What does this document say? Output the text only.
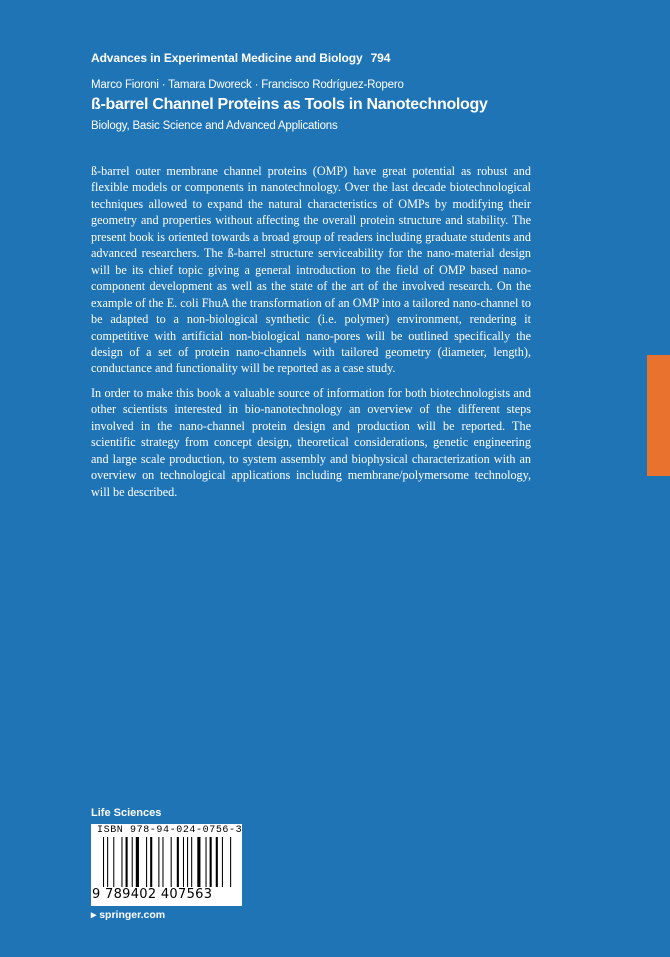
Advances in Experimental Medicine and Biology 794
Marco Fioroni · Tamara Dworeck · Francisco Rodríguez-Ropero
ß-barrel Channel Proteins as Tools in Nanotechnology
Biology, Basic Science and Advanced Applications

ß-barrel outer membrane channel proteins (OMP) have great potential as robust and flexible models or components in nanotechnology. Over the last decade biotechnological techniques allowed to expand the natural characteristics of OMPs by modifying their geometry and properties without affecting the overall protein structure and stability. The present book is oriented towards a broad group of readers including graduate students and advanced researchers. The ß-barrel structure serviceability for the nano-material design will be its chief topic giving a general introduction to the field of OMP based nano-component development as well as the state of the art of the involved research. On the example of the E. coli FhuA the transformation of an OMP into a tailored nano-channel to be adapted to a non-biological synthetic (i.e. polymer) environment, rendering it competitive with artificial non-biological nano-pores will be outlined specifically the design of a set of protein nano-channels with tailored geometry (diameter, length), conductance and functionality will be reported as a case study.

In order to make this book a valuable source of information for both biotechnologists and other scientists interested in bio-nanotechnology an overview of the different steps involved in the nano-channel protein design and production will be reported. The scientific strategy from concept design, theoretical considerations, genetic engineering and large scale production, to system assembly and biophysical characterization with an overview on technological applications including membrane/polymersome technology, will be described.

Life Sciences
ISBN 978-94-024-0756-3
9 789402 407563
▸ springer.com
